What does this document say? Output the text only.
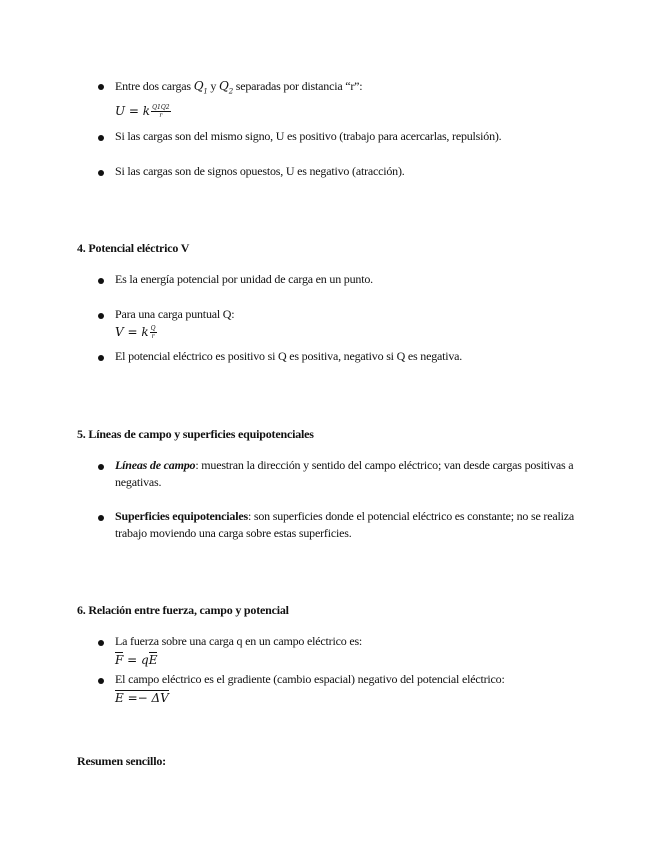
Entre dos cargas $Q_1$ y $Q_2$ separadas por distancia “r”:
U = k $\frac{Q1Q2}{r}$
Si las cargas son del mismo signo, U es positivo (trabajo para acercarlas, repulsión).
Si las cargas son de signos opuestos, U es negativo (atracción).
4. Potencial eléctrico V
Es la energía potencial por unidad de carga en un punto.
Para una carga puntual Q:
V = k $\frac{Q}{r}$
El potencial eléctrico es positivo si Q es positiva, negativo si Q es negativa.
5. Líneas de campo y superficies equipotenciales
Líneas de campo: muestran la dirección y sentido del campo eléctrico; van desde cargas positivas a negativas.
Superficies equipotenciales: son superficies donde el potencial eléctrico es constante; no se realiza trabajo moviendo una carga sobre estas superficies.
6. Relación entre fuerza, campo y potencial
La fuerza sobre una carga q en un campo eléctrico es:
F = qE
El campo eléctrico es el gradiente (cambio espacial) negativo del potencial eléctrico:
E =− ΔV
Resumen sencillo:
